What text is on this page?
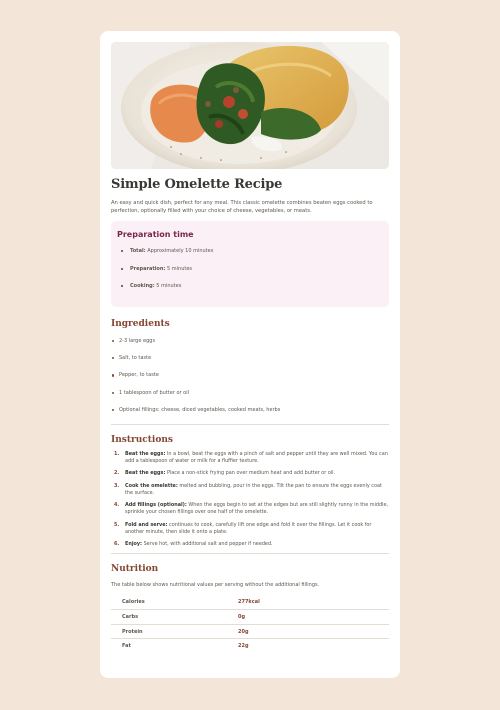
Simple Omelette Recipe

An easy and quick dish, perfect for any meal. This classic omelette combines beaten eggs cooked to perfection, optionally filled with your choice of cheese, vegetables, or meats.

Preparation time
Total: Approximately 10 minutes
Preparation: 5 minutes
Cooking: 5 minutes
Ingredients
2-3 large eggs
Salt, to taste
Pepper, to taste
1 tablespoon of butter or oil
Optional fillings: cheese, diced vegetables, cooked meats, herbs
Instructions
1. Beat the eggs: In a bowl, beat the eggs with a pinch of salt and pepper until they are well mixed. You can add a tablespoon of water or milk for a fluffier texture.
2. Beat the eggs: Place a non-stick frying pan over medium heat and add butter or oil.
3. Cook the omelette: melted and bubbling, pour in the eggs. Tilt the pan to ensure the eggs evenly coat the surface.
4. Add fillings (optional): When the eggs begin to set at the edges but are still slightly runny in the middle, sprinkle your chosen fillings over one half of the omelette.
5. Fold and serve: continues to cook, carefully lift one edge and fold it over the fillings. Let it cook for another minute, then slide it onto a plate.
6. Enjoy: Serve hot, with additional salt and pepper if needed.
Nutrition

The table below shows nutritional values per serving without the additional fillings.

Calories	277kcal
Carbs	0g
Protein	20g
Fat	22g
